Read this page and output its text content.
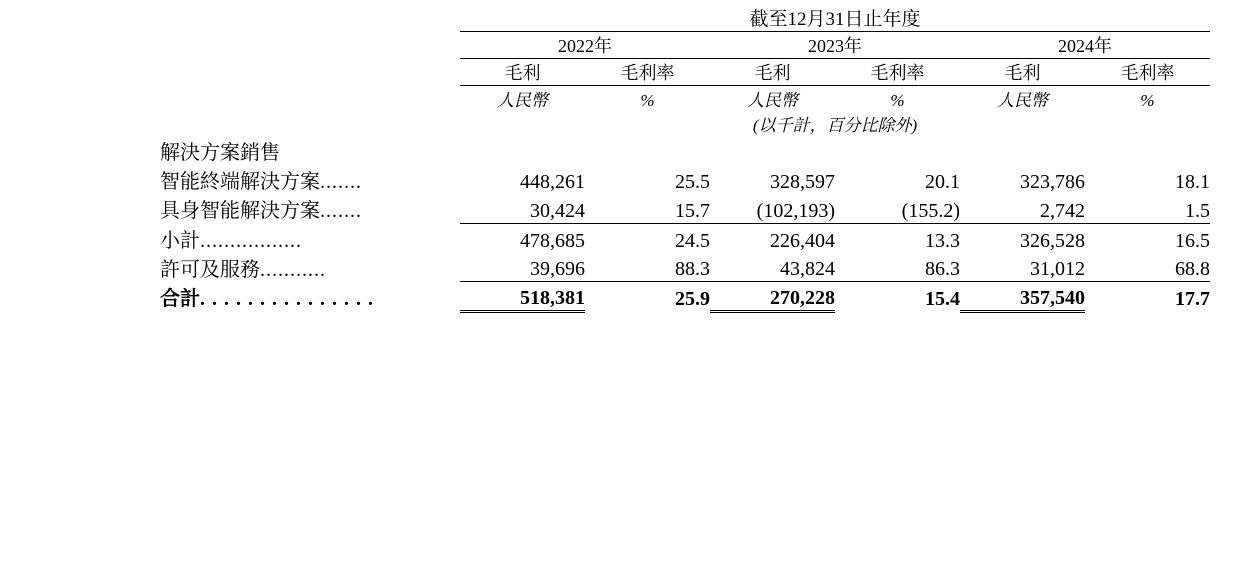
	截至12月31日止年度					

	2022年		2023年		2024年	

	毛利	毛利率	毛利	毛利率	毛利	毛利率

	人民幣	%	人民幣	%	人民幣	%
			(以千計，百分比除外)			
解決方案銷售						
智能終端解決方案.......	448,261	25.5	328,597	20.1	323,786	18.1
具身智能解決方案.......	30,424	15.7	(102,193)	(155.2)	2,742	1.5

小計.................	478,685	24.5	226,404	13.3	326,528	16.5
許可及服務...........	39,696	88.3	43,824	86.3	31,012	68.8

合計. . . . . . . . . . . . . . .	518,381	25.9	270,228	15.4	357,540	17.7
